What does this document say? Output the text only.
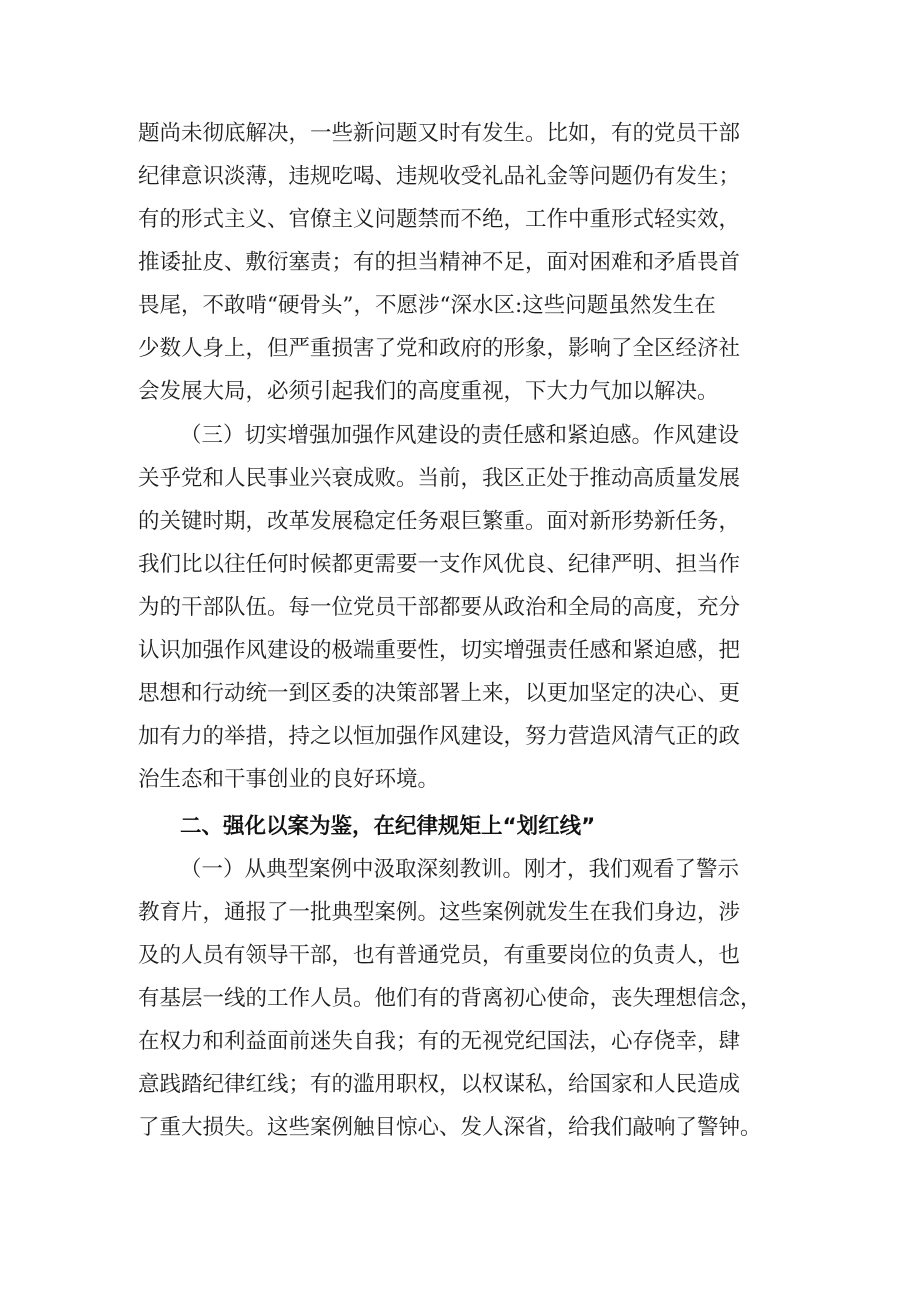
题尚未彻底解决，一些新问题又时有发生。比如，有的党员干部
纪律意识淡薄，违规吃喝、违规收受礼品礼金等问题仍有发生；
有的形式主义、官僚主义问题禁而不绝，工作中重形式轻实效，
推诿扯皮、敷衍塞责；有的担当精神不足，面对困难和矛盾畏首
畏尾，不敢啃“硬骨头”，不愿涉“深水区:这些问题虽然发生在
少数人身上，但严重损害了党和政府的形象，影响了全区经济社
会发展大局，必须引起我们的高度重视，下大力气加以解决。
（三）切实增强加强作风建设的责任感和紧迫感。作风建设
关乎党和人民事业兴衰成败。当前，我区正处于推动高质量发展
的关键时期，改革发展稳定任务艰巨繁重。面对新形势新任务，
我们比以往任何时候都更需要一支作风优良、纪律严明、担当作
为的干部队伍。每一位党员干部都要从政治和全局的高度，充分
认识加强作风建设的极端重要性，切实增强责任感和紧迫感，把
思想和行动统一到区委的决策部署上来，以更加坚定的决心、更
加有力的举措，持之以恒加强作风建设，努力营造风清气正的政
治生态和干事创业的良好环境。
二、强化以案为鉴，在纪律规矩上“划红线”
（一）从典型案例中汲取深刻教训。刚才，我们观看了警示
教育片，通报了一批典型案例。这些案例就发生在我们身边，涉
及的人员有领导干部，也有普通党员，有重要岗位的负责人，也
有基层一线的工作人员。他们有的背离初心使命，丧失理想信念，
在权力和利益面前迷失自我；有的无视党纪国法，心存侥幸，肆
意践踏纪律红线；有的滥用职权，以权谋私，给国家和人民造成
了重大损失。这些案例触目惊心、发人深省，给我们敲响了警钟。
